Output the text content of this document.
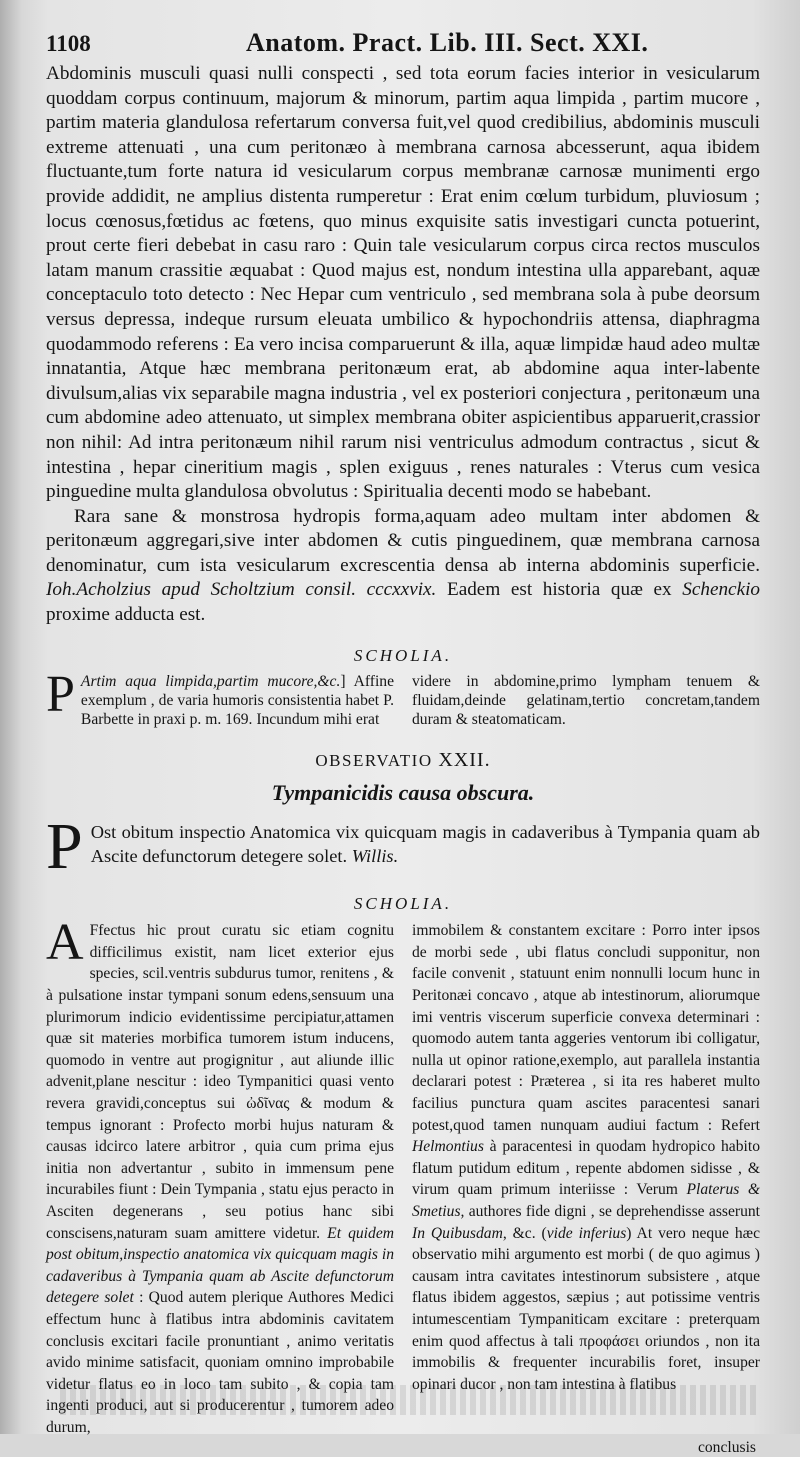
1108	Anatom. Pract. Lib. III. Sect. XXI.

Abdominis musculi quasi nulli conspecti , sed tota eorum facies interior in vesicularum quoddam corpus continuum, majorum & minorum, partim aqua limpida , partim mucore , partim materia glandulosa refertarum conversa fuit,vel quod credibilius, abdominis musculi extreme attenuati , una cum peritonæo à membrana carnosa abcesserunt, aqua ibidem fluctuante,tum forte natura id vesicularum corpus membranæ carnosæ munimenti ergo provide addidit, ne amplius distenta rumperetur : Erat enim cœlum turbidum, pluviosum ; locus cœnosus,fœtidus ac fœtens, quo minus exquisite satis investigari cuncta potuerint, prout certe fieri debebat in casu raro : Quin tale vesicularum corpus circa rectos musculos latam manum crassitie æquabat : Quod majus est, nondum intestina ulla apparebant, aquæ conceptaculo toto detecto : Nec Hepar cum ventriculo , sed membrana sola à pube deorsum versus depressa, indeque rursum eleuata umbilico & hypochondriis attensa, diaphragma quodammodo referens : Ea vero incisa comparuerunt & illa, aquæ limpidæ haud adeo multæ innatantia, Atque hæc membrana peritonæum erat, ab abdomine aqua inter-labente divulsum,alias vix separabile magna industria , vel ex posteriori conjectura , peritonæum una cum abdomine adeo attenuato, ut simplex membrana obiter aspicientibus apparuerit,crassior non nihil: Ad intra peritonæum nihil rarum nisi ventriculus admodum contractus , sicut & intestina , hepar cineritium magis , splen exiguus , renes naturales : Vterus cum vesica pinguedine multa glandulosa obvolutus : Spiritualia decenti modo se habebant.

Rara sane & monstrosa hydropis forma,aquam adeo multam inter abdomen & peritonæum aggregari,sive inter abdomen & cutis pinguedinem, quæ membrana carnosa denominatur, cum ista vesicularum excrescentia densa ab interna abdominis superficie. Ioh.Acholzius apud Scholtzium consil. cccxxvix. Eadem est historia quæ ex Schenckio proxime adducta est.

SCHOLIA.

P Artim aqua limpida,partim mucore,&c.] Affine exemplum , de varia humoris consistentia habet P. Barbette in praxi p. m. 169. Incundum mihi erat

videre in abdomine,primo lympham tenuem & fluidam,deinde gelatinam,tertio concretam,tandem duram & steatomaticam.

OBSERVATIO XXII.
Tympanicidis causa obscura.

P Ost obitum inspectio Anatomica vix quicquam magis in cadaveribus à Tympania quam ab Ascite defunctorum detegere solet. Willis.

SCHOLIA.

A Ffectus hic prout curatu sic etiam cognitu difficilimus existit, nam licet exterior ejus species, scil.ventris subdurus tumor, renitens , & à pulsatione instar tympani sonum edens,sensuum una plurimorum indicio evidentissime percipiatur,attamen quæ sit materies morbifica tumorem istum inducens, quomodo in ventre aut progignitur , aut aliunde illic advenit,plane nescitur : ideo Tympanitici quasi vento revera gravidi,conceptus sui ὠδῖνας & modum & tempus ignorant : Profecto morbi hujus naturam & causas idcirco latere arbitror , quia cum prima ejus initia non advertantur , subito in immensum pene incurabiles fiunt : Dein Tympania , statu ejus peracto in Asciten degenerans , seu potius hanc sibi conscisens,naturam suam amittere videtur. Et quidem post obitum,inspectio anatomica vix quicquam magis in cadaveribus à Tympania quam ab Ascite defunctorum detegere solet : Quod autem plerique Authores Medici effectum hunc à flatibus intra abdominis cavitatem conclusis excitari facile pronuntiant , animo veritatis avido minime satisfacit, quoniam omnino improbabile videtur flatus eo in loco tam subito , & copia tam ingenti produci, aut si producerentur , tumorem adeo durum,

immobilem & constantem excitare : Porro inter ipsos de morbi sede , ubi flatus concludi supponitur, non facile convenit , statuunt enim nonnulli locum hunc in Peritonæi concavo , atque ab intestinorum, aliorumque imi ventris viscerum superficie convexa determinari : quomodo autem tanta aggeries ventorum ibi colligatur, nulla ut opinor ratione,exemplo, aut parallela instantia declarari potest : Præterea , si ita res haberet multo facilius punctura quam ascites paracentesi sanari potest,quod tamen nunquam audiui factum : Refert Helmontius à paracentesi in quodam hydropico habito flatum putidum editum , repente abdomen sidisse , & virum quam primum interiisse : Verum Platerus & Smetius, authores fide digni , se deprehendisse asserunt In Quibusdam, &c. (vide inferius) At vero neque hæc observatio mihi argumento est morbi ( de quo agimus ) causam intra cavitates intestinorum subsistere , atque flatus ibidem aggestos, sæpius ; aut potissime ventris intumescentiam Tympaniticam excitare : preterquam enim quod affectus à tali προφάσει oriundos , non ita immobilis & frequenter incurabilis foret, insuper opinari ducor , non tam intestina à flatibus

conclusis
